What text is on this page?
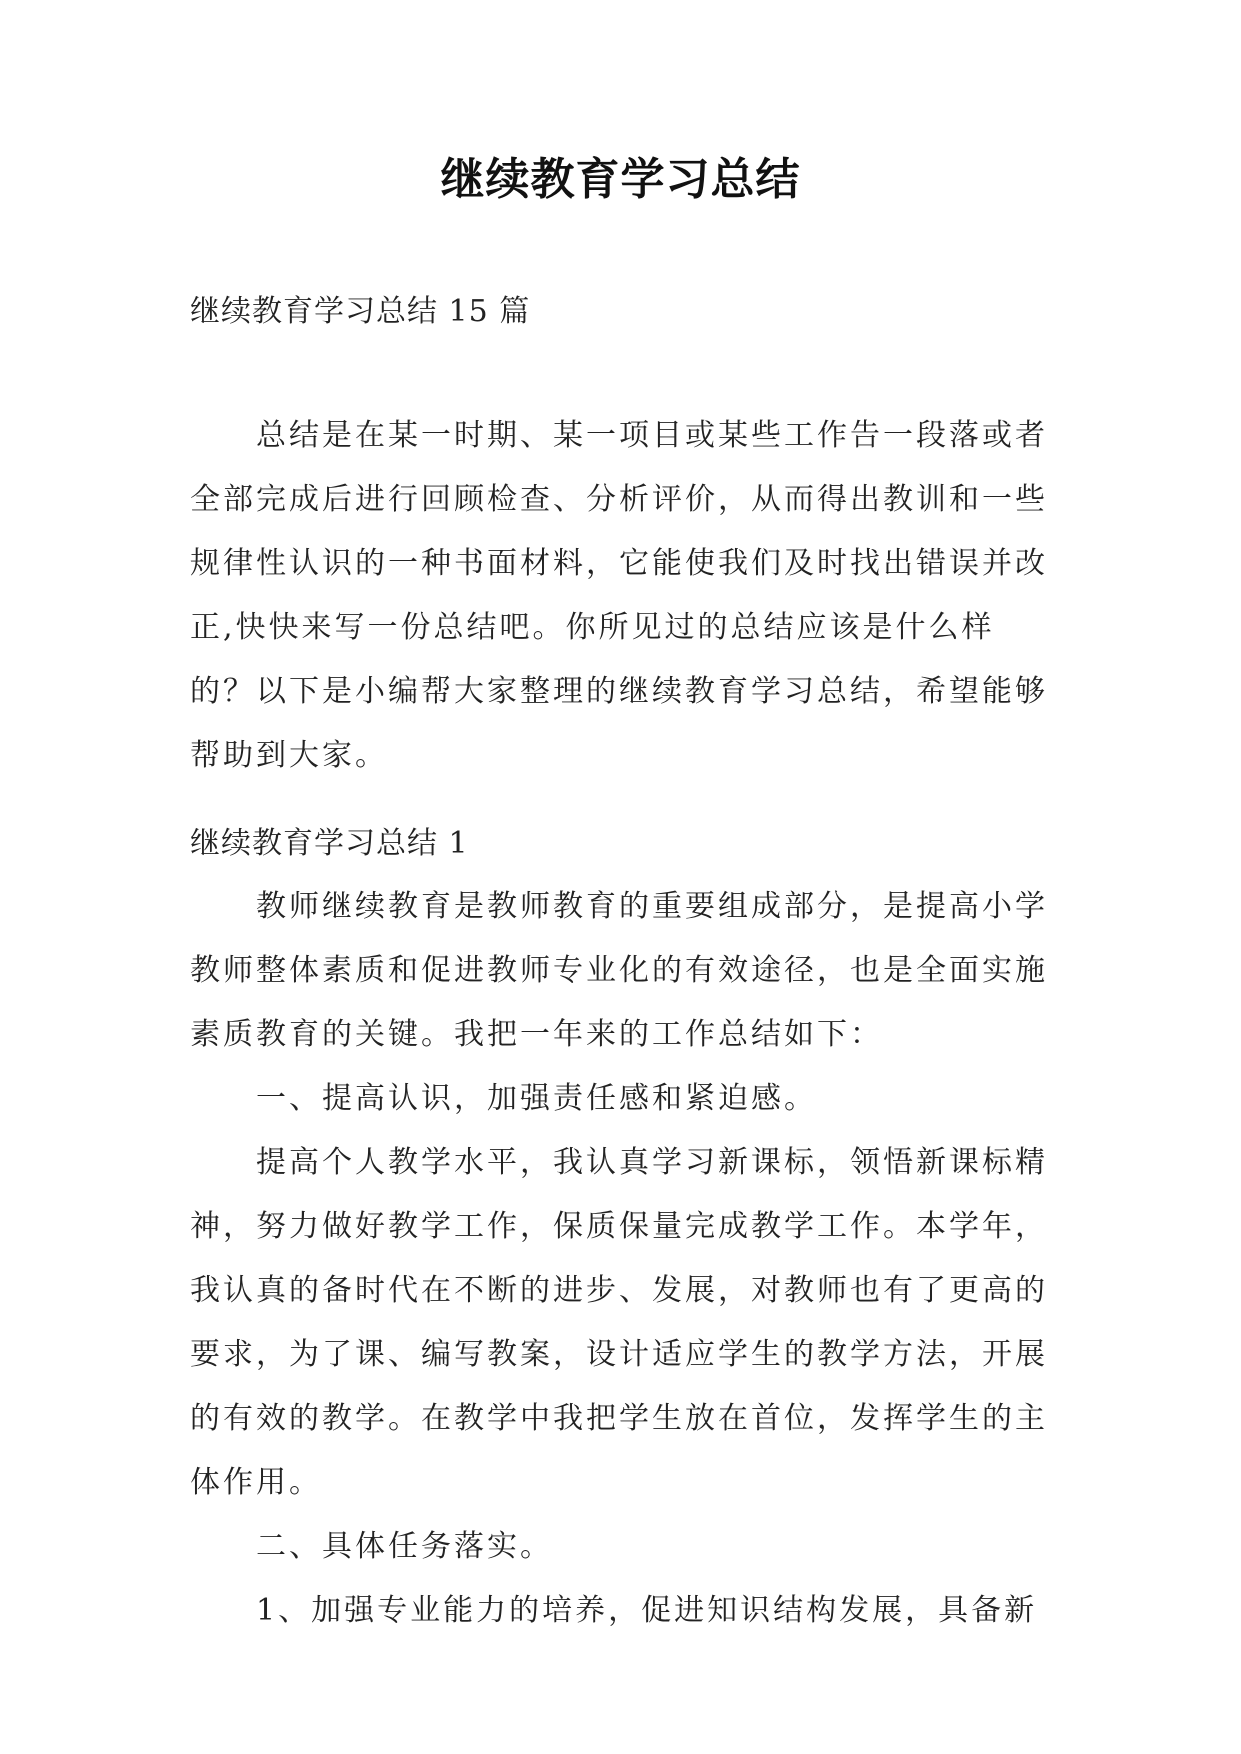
继续教育学习总结
继续教育学习总结 15 篇

总结是在某一时期、某一项目或某些工作告一段落或者全部完成后进行回顾检查、分析评价，从而得出教训和一些规律性认识的一种书面材料，它能使我们及时找出错误并改正,快快来写一份总结吧。你所见过的总结应该是什么样的？以下是小编帮大家整理的继续教育学习总结，希望能够帮助到大家。

继续教育学习总结 1

教师继续教育是教师教育的重要组成部分，是提高小学教师整体素质和促进教师专业化的有效途径，也是全面实施素质教育的关键。我把一年来的工作总结如下：

一、提高认识，加强责任感和紧迫感。

提高个人教学水平，我认真学习新课标，领悟新课标精神，努力做好教学工作，保质保量完成教学工作。本学年，我认真的备时代在不断的进步、发展，对教师也有了更高的要求，为了课、编写教案，设计适应学生的教学方法，开展的有效的教学。在教学中我把学生放在首位，发挥学生的主体作用。

二、具体任务落实。

1、加强专业能力的培养，促进知识结构发展，具备新
